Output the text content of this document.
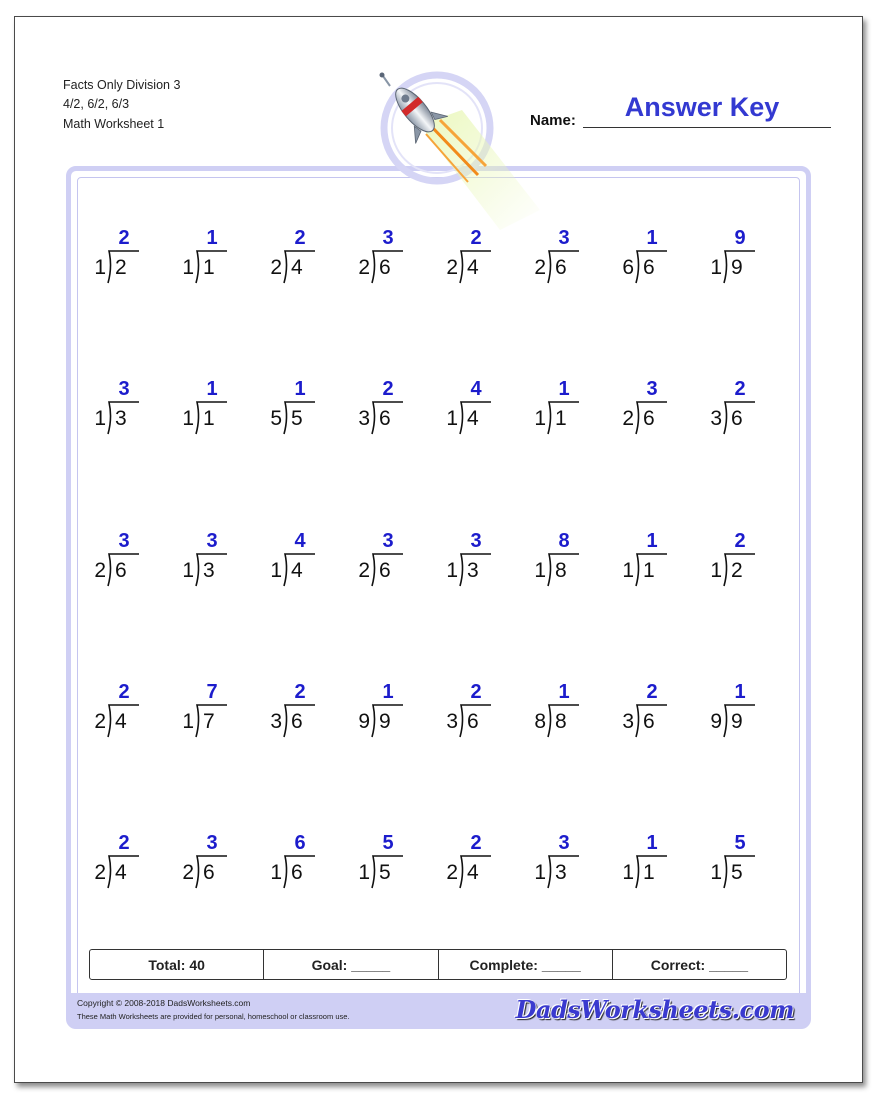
Facts Only Division 3
4/2, 6/2, 6/3
Math Worksheet 1	Name:	Answer Key
2
1 2
1
1 1
2
2 4
3
2 6
2
2 4
3
2 6
1
6 6
9
1 9
3
1 3
1
1 1
1
5 5
2
3 6
4
1 4
1
1 1
3
2 6
2
3 6
3
2 6
3
1 3
4
1 4
3
2 6
3
1 3
8
1 8
1
1 1
2
1 2
2
2 4
7
1 7
2
3 6
1
9 9
2
3 6
1
8 8
2
3 6
1
9 9
2
2 4
3
2 6
6
1 6
5
1 5
2
2 4
3
1 3
1
1 1
5
1 5
Total: 40	Goal: _____	Complete: _____	Correct: _____
Copyright © 2008-2018 DadsWorksheets.com
These Math Worksheets are provided for personal, homeschool or classroom use.	DadsWorksheets.com
